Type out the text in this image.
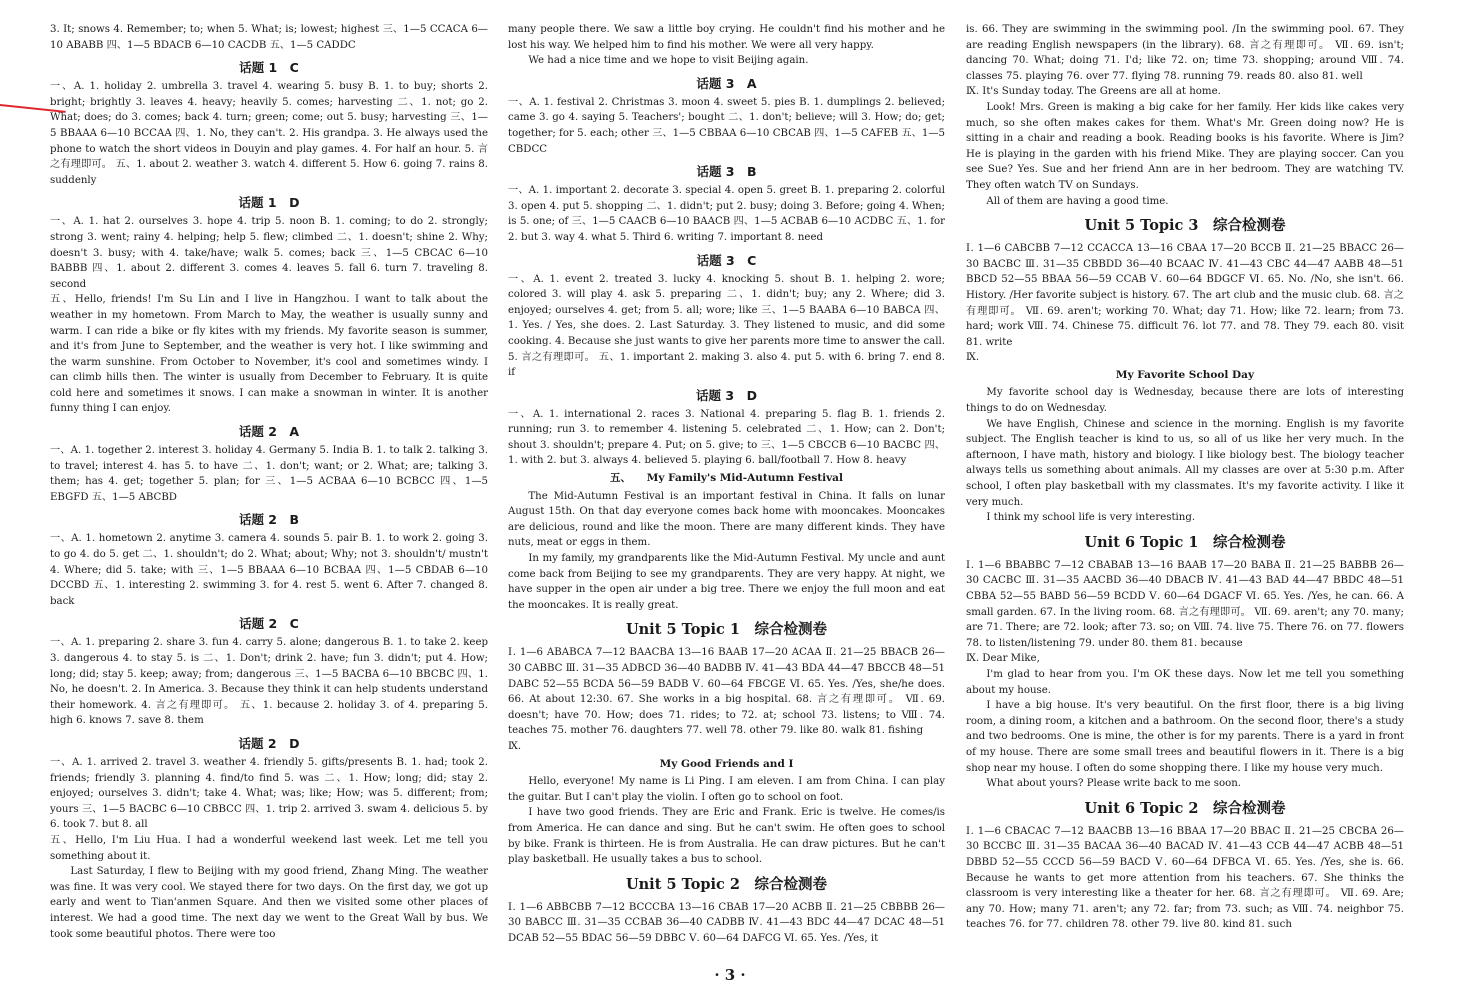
3. It; snows 4. Remember; to; when 5. What; is; lowest; highest 三、1—5 CCACA 6—10 ABABB 四、1—5 BDACB 6—10 CACDB 五、1—5 CADDC
话题 1　C
一、A. 1. holiday 2. umbrella 3. travel 4. wearing 5. busy B. 1. to buy; shorts 2. bright; brightly 3. leaves 4. heavy; heavily 5. comes; harvesting 二、1. not; go 2. What; does; do 3. comes; back 4. turn; green; come; out 5. busy; harvesting 三、1—5 BBAAA 6—10 BCCAA 四、1. No, they can't. 2. His grandpa. 3. He always used the phone to watch the short videos in Douyin and play games. 4. For half an hour. 5. 言之有理即可。 五、1. about 2. weather 3. watch 4. different 5. How 6. going 7. rains 8. suddenly
话题 1　D
一、A. 1. hat 2. ourselves 3. hope 4. trip 5. noon B. 1. coming; to do 2. strongly; strong 3. went; rainy 4. helping; help 5. flew; climbed 二、1. doesn't; shine 2. Why; doesn't 3. busy; with 4. take/have; walk 5. comes; back 三、1—5 CBCAC 6—10 BABBB 四、1. about 2. different 3. comes 4. leaves 5. fall 6. turn 7. traveling 8. second
五、Hello, friends! I'm Su Lin and I live in Hangzhou. I want to talk about the weather in my hometown. From March to May, the weather is usually sunny and warm. I can ride a bike or fly kites with my friends. My favorite season is summer, and it's from June to September, and the weather is very hot. I like swimming and the warm sunshine. From October to November, it's cool and sometimes windy. I can climb hills then. The winter is usually from December to February. It is quite cold here and sometimes it snows. I can make a snowman in winter. It is another funny thing I can enjoy.
话题 2　A
一、A. 1. together 2. interest 3. holiday 4. Germany 5. India B. 1. to talk 2. talking 3. to travel; interest 4. has 5. to have 二、1. don't; want; or 2. What; are; talking 3. them; has 4. get; together 5. plan; for 三、1—5 ACBAA 6—10 BCBCC 四、1—5 EBGFD 五、1—5 ABCBD
话题 2　B
一、A. 1. hometown 2. anytime 3. camera 4. sounds 5. pair B. 1. to work 2. going 3. to go 4. do 5. get 二、1. shouldn't; do 2. What; about; Why; not 3. shouldn't/ mustn't 4. Where; did 5. take; with 三、1—5 BBAAA 6—10 BCBAA 四、1—5 CBDAB 6—10 DCCBD 五、1. interesting 2. swimming 3. for 4. rest 5. went 6. After 7. changed 8. back
话题 2　C
一、A. 1. preparing 2. share 3. fun 4. carry 5. alone; dangerous B. 1. to take 2. keep 3. dangerous 4. to stay 5. is 二、1. Don't; drink 2. have; fun 3. didn't; put 4. How; long; did; stay 5. keep; away; from; dangerous 三、1—5 BACBA 6—10 BBCBC 四、1. No, he doesn't. 2. In America. 3. Because they think it can help students understand their homework. 4. 言之有理即可。 五、1. because 2. holiday 3. of 4. preparing 5. high 6. knows 7. save 8. them
话题 2　D
一、A. 1. arrived 2. travel 3. weather 4. friendly 5. gifts/presents B. 1. had; took 2. friends; friendly 3. planning 4. find/to find 5. was 二、1. How; long; did; stay 2. enjoyed; ourselves 3. didn't; take 4. What; was; like; How; was 5. different; from; yours 三、1—5 BACBC 6—10 CBBCC 四、1. trip 2. arrived 3. swam 4. delicious 5. by 6. took 7. but 8. all
五、Hello, I'm Liu Hua. I had a wonderful weekend last week. Let me tell you something about it.
Last Saturday, I flew to Beijing with my good friend, Zhang Ming. The weather was fine. It was very cool. We stayed there for two days. On the first day, we got up early and went to Tian'anmen Square. And then we visited some other places of interest. We had a good time. The next day we went to the Great Wall by bus. We took some beautiful photos. There were too
many people there. We saw a little boy crying. He couldn't find his mother and he lost his way. We helped him to find his mother. We were all very happy.
We had a nice time and we hope to visit Beijing again.
话题 3　A
一、A. 1. festival 2. Christmas 3. moon 4. sweet 5. pies B. 1. dumplings 2. believed; came 3. go 4. saying 5. Teachers'; bought 二、1. don't; believe; will 3. How; do; get; together; for 5. each; other 三、1—5 CBBAA 6—10 CBCAB 四、1—5 CAFEB 五、1—5 CBDCC
话题 3　B
一、A. 1. important 2. decorate 3. special 4. open 5. greet B. 1. preparing 2. colorful 3. open 4. put 5. shopping 二、1. didn't; put 2. busy; doing 3. Before; going 4. When; is 5. one; of 三、1—5 CAACB 6—10 BAACB 四、1—5 ACBAB 6—10 ACDBC 五、1. for 2. but 3. way 4. what 5. Third 6. writing 7. important 8. need
话题 3　C
一、A. 1. event 2. treated 3. lucky 4. knocking 5. shout B. 1. helping 2. wore; colored 3. will play 4. ask 5. preparing 二、1. didn't; buy; any 2. Where; did 3. enjoyed; ourselves 4. get; from 5. all; wore; like 三、1—5 BAABA 6—10 BABCA 四、1. Yes. / Yes, she does. 2. Last Saturday. 3. They listened to music, and did some cooking. 4. Because she just wants to give her parents more time to answer the call. 5. 言之有理即可。 五、1. important 2. making 3. also 4. put 5. with 6. bring 7. end 8. if
话题 3　D
一、A. 1. international 2. races 3. National 4. preparing 5. flag B. 1. friends 2. running; run 3. to remember 4. listening 5. celebrated 二、1. How; can 2. Don't; shout 3. shouldn't; prepare 4. Put; on 5. give; to 三、1—5 CBCCB 6—10 BACBC 四、1. with 2. but 3. always 4. believed 5. playing 6. ball/football 7. How 8. heavy
五、　　My Family's Mid-Autumn Festival
The Mid-Autumn Festival is an important festival in China. It falls on lunar August 15th. On that day everyone comes back home with mooncakes. Mooncakes are delicious, round and like the moon. There are many different kinds. They have nuts, meat or eggs in them.
In my family, my grandparents like the Mid-Autumn Festival. My uncle and aunt come back from Beijing to see my grandparents. They are very happy. At night, we have supper in the open air under a big tree. There we enjoy the full moon and eat the mooncakes. It is really great.
Unit 5 Topic 1　综合检测卷
Ⅰ. 1—6 ABABCA 7—12 BAACBA 13—16 BAAB 17—20 ACAA Ⅱ. 21—25 BBACB 26—30 CABBC Ⅲ. 31—35 ADBCD 36—40 BADBB Ⅳ. 41—43 BDA 44—47 BBCCB 48—51 DABC 52—55 BCDA 56—59 BADB Ⅴ. 60—64 FBCGE Ⅵ. 65. Yes. /Yes, she/he does. 66. At about 12:30. 67. She works in a big hospital. 68. 言之有理即可。 Ⅶ. 69. doesn't; have 70. How; does 71. rides; to 72. at; school 73. listens; to Ⅷ. 74. teaches 75. mother 76. daughters 77. well 78. other 79. like 80. walk 81. fishing
Ⅸ.
My Good Friends and I
Hello, everyone! My name is Li Ping. I am eleven. I am from China. I can play the guitar. But I can't play the violin. I often go to school on foot.
I have two good friends. They are Eric and Frank. Eric is twelve. He comes/is from America. He can dance and sing. But he can't swim. He often goes to school by bike. Frank is thirteen. He is from Australia. He can draw pictures. But he can't play basketball. He usually takes a bus to school.
Unit 5 Topic 2　综合检测卷
Ⅰ. 1—6 ABBCBB 7—12 BCCCBA 13—16 CBAB 17—20 ACBB Ⅱ. 21—25 CBBBB 26—30 BABCC Ⅲ. 31—35 CCBAB 36—40 CADBB Ⅳ. 41—43 BDC 44—47 DCAC 48—51 DCAB 52—55 BDAC 56—59 DBBC Ⅴ. 60—64 DAFCG Ⅵ. 65. Yes. /Yes, it
is. 66. They are swimming in the swimming pool. /In the swimming pool. 67. They are reading English newspapers (in the library). 68. 言之有理即可。 Ⅶ. 69. isn't; dancing 70. What; doing 71. I'd; like 72. on; time 73. shopping; around Ⅷ. 74. classes 75. playing 76. over 77. flying 78. running 79. reads 80. also 81. well
Ⅸ. It's Sunday today. The Greens are all at home.
Look! Mrs. Green is making a big cake for her family. Her kids like cakes very much, so she often makes cakes for them. What's Mr. Green doing now? He is sitting in a chair and reading a book. Reading books is his favorite. Where is Jim? He is playing in the garden with his friend Mike. They are playing soccer. Can you see Sue? Yes. Sue and her friend Ann are in her bedroom. They are watching TV. They often watch TV on Sundays.
All of them are having a good time.
Unit 5 Topic 3　综合检测卷
Ⅰ. 1—6 CABCBB 7—12 CCACCA 13—16 CBAA 17—20 BCCB Ⅱ. 21—25 BBACC 26—30 BACBC Ⅲ. 31—35 CBBDD 36—40 BCAAC Ⅳ. 41—43 CBC 44—47 AABB 48—51 BBCD 52—55 BBAA 56—59 CCAB Ⅴ. 60—64 BDGCF Ⅵ. 65. No. /No, she isn't. 66. History. /Her favorite subject is history. 67. The art club and the music club. 68. 言之有理即可。 Ⅶ. 69. aren't; working 70. What; day 71. How; like 72. learn; from 73. hard; work Ⅷ. 74. Chinese 75. difficult 76. lot 77. and 78. They 79. each 80. visit 81. write
Ⅸ.
My Favorite School Day
My favorite school day is Wednesday, because there are lots of interesting things to do on Wednesday.
We have English, Chinese and science in the morning. English is my favorite subject. The English teacher is kind to us, so all of us like her very much. In the afternoon, I have math, history and biology. I like biology best. The biology teacher always tells us something about animals. All my classes are over at 5:30 p.m. After school, I often play basketball with my classmates. It's my favorite activity. I like it very much.
I think my school life is very interesting.
Unit 6 Topic 1　综合检测卷
Ⅰ. 1—6 BBABBC 7—12 CBABAB 13—16 BAAB 17—20 BABA Ⅱ. 21—25 BABBB 26—30 CACBC Ⅲ. 31—35 AACBD 36—40 DBACB Ⅳ. 41—43 BAD 44—47 BBDC 48—51 CBBA 52—55 BABD 56—59 BCDD Ⅴ. 60—64 DGACF Ⅵ. 65. Yes. /Yes, he can. 66. A small garden. 67. In the living room. 68. 言之有理即可。 Ⅶ. 69. aren't; any 70. many; are 71. There; are 72. look; after 73. so; on Ⅷ. 74. live 75. There 76. on 77. flowers 78. to listen/listening 79. under 80. them 81. because
Ⅸ. Dear Mike,
I'm glad to hear from you. I'm OK these days. Now let me tell you something about my house.
I have a big house. It's very beautiful. On the first floor, there is a big living room, a dining room, a kitchen and a bathroom. On the second floor, there's a study and two bedrooms. One is mine, the other is for my parents. There is a yard in front of my house. There are some small trees and beautiful flowers in it. There is a big shop near my house. I often do some shopping there. I like my house very much.
What about yours? Please write back to me soon.
Unit 6 Topic 2　综合检测卷
Ⅰ. 1—6 CBACAC 7—12 BAACBB 13—16 BBAA 17—20 BBAC Ⅱ. 21—25 CBCBA 26—30 BCCBC Ⅲ. 31—35 BACAA 36—40 BACAD Ⅳ. 41—43 CCB 44—47 ACBB 48—51 DBBD 52—55 CCCD 56—59 BACD Ⅴ. 60—64 DFBCA Ⅵ. 65. Yes. /Yes, she is. 66. Because he wants to get more attention from his teachers. 67. She thinks the classroom is very interesting like a theater for her. 68. 言之有理即可。 Ⅶ. 69. Are; any 70. How; many 71. aren't; any 72. far; from 73. such; as Ⅷ. 74. neighbor 75. teaches 76. for 77. children 78. other 79. live 80. kind 81. such
· 3 ·
